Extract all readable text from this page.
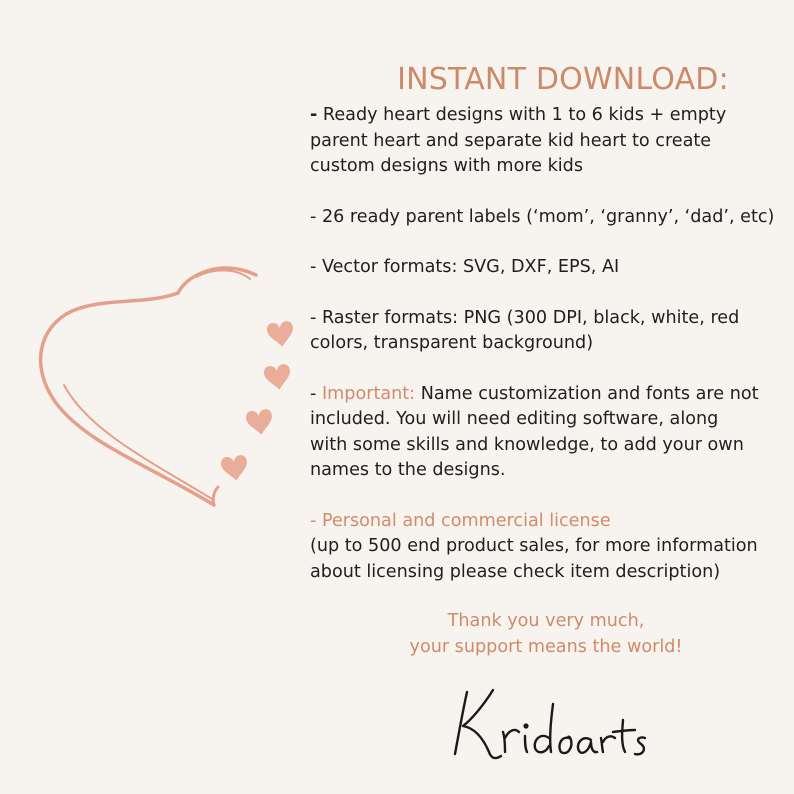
INSTANT DOWNLOAD:

- Ready heart designs with 1 to 6 kids + empty
parent heart and separate kid heart to create
custom designs with more kids

- 26 ready parent labels (‘mom’, ‘granny’, ‘dad’, etc)

- Vector formats: SVG, DXF, EPS, AI

- Raster formats: PNG (300 DPI, black, white, red
colors, transparent background)

- Important: Name customization and fonts are not
included. You will need editing software, along
with some skills and knowledge, to add your own
names to the designs.

- Personal and commercial license

(up to 500 end product sales, for more information
about licensing please check item description)

Thank you very much,
your support means the world!
